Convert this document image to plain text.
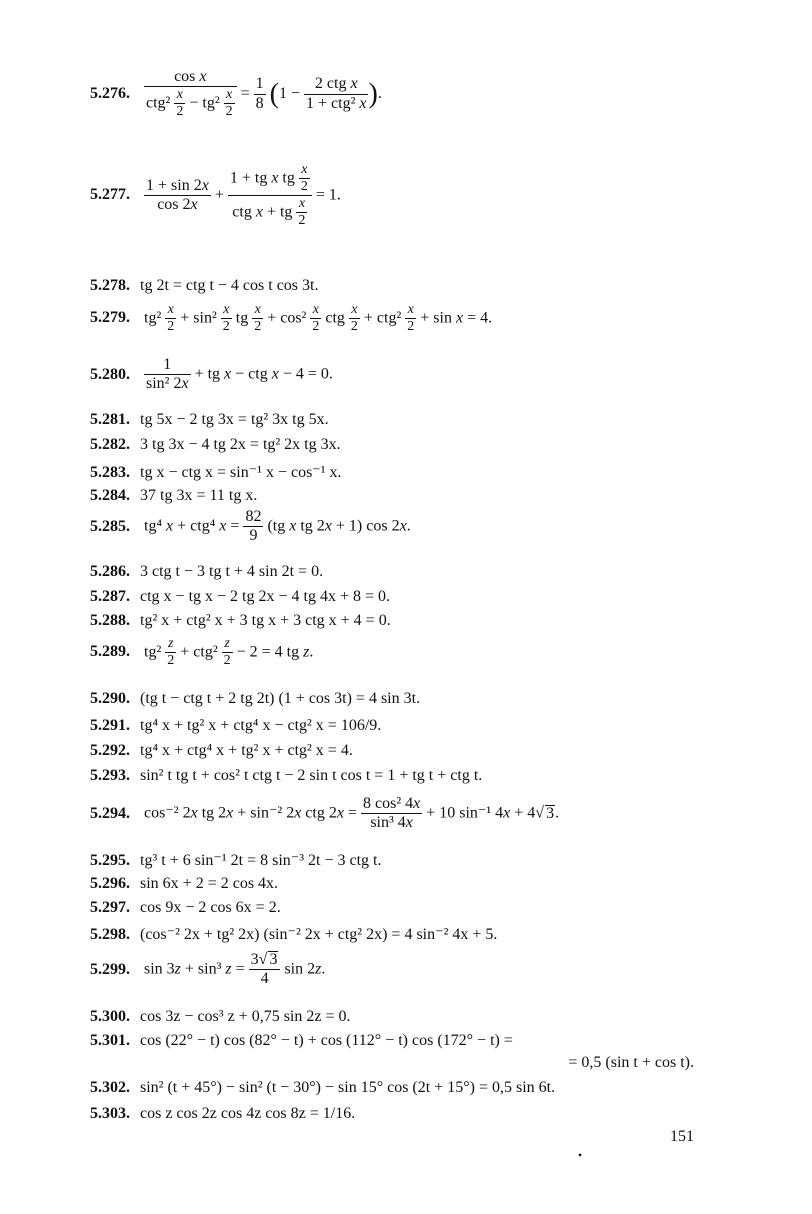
5.276.
cos x
$ctg^2 \frac{x}{2} - tg^2 \frac{x}{2} = \frac{1}{8} (1$ −
2 ctg x
1 + ctg² x ).
5.277. $\frac{1 + \sin 2x}{\cos 2x}$ +
1 + tg x tg $\frac{x}{2}$
ctg x + tg $\frac{x}{2}$
= 1.
5.278. tg 2t = ctg t − 4 cos t cos 3t.
5.279. $tg^2 \frac{x}{2} + \sin^2 \frac{x}{2}$ tg $\frac{x}{2} + \cos^2 \frac{x}{2}$ ctg $\frac{x}{2} + ctg^2 \frac{x}{2} + \sin x = 4$.
5.280. $\frac{1}{\text{sin² 2x}}$ + tg x − ctg x − 4 = 0.
5.281. tg 5x − 2 tg 3x = tg² 3x tg 5x.
5.282. 3 tg 3x − 4 tg 2x = tg² 2x tg 3x.
5.283. tg x − ctg x = sin⁻¹ x − cos⁻¹ x.
5.284. 37 tg 3x = 11 tg x.
5.285. tg⁴ x + ctg⁴ $x = \frac{82}{9} (tg$ x tg 2x + 1) cos 2x.
5.286. 3 ctg t − 3 tg t + 4 sin 2t = 0.
5.287. ctg x − tg x − 2 tg 2x − 4 tg 4x + 8 = 0.
5.288. tg² x + ctg² x + 3 tg x + 3 ctg x + 4 = 0.
5.289. $tg^2 \frac{z}{2} + ctg^2 \frac{z}{2} - 2 = 4$ tg z.
5.290. (tg t − ctg t + 2 tg 2t) (1 + cos 3t) = 4 sin 3t.
5.291. tg⁴ x + tg² x + ctg⁴ x − ctg² x = 106/9.
5.292. tg⁴ x + ctg⁴ x + tg² x + ctg² x = 4.
5.293. sin² t tg t + cos² t ctg t − 2 sin t cos t = 1 + tg t + ctg t.
5.294. cos⁻² 2x tg 2x + sin⁻² 2x ctg $2x = \frac{\text{8 cos² 4x}}{\text{sin³ 4x}} + 10$ sin⁻¹ 4x + 4√ 3.
5.295. tg³ t + 6 sin⁻¹ 2t = 8 sin⁻³ 2t − 3 ctg t.
5.296. sin 6x + 2 = 2 cos 4x.
5.297. cos 9x − 2 cos 6x = 2.
5.298. (cos⁻² 2x + tg² 2x) (sin⁻² 2x + ctg² 2x) = 4 sin⁻² 4x + 5.
5.299. sin 3z + sin³ $z = \frac{3√ 3}{4}$ sin 2z.
5.300. cos 3z − cos³ z + 0,75 sin 2z = 0.
5.301. cos (22° − t) cos (82° − t) + cos (112° − t) cos (172° − t) =
= 0,5 (sin t + cos t).
5.302. sin² (t + 45°) − sin² (t − 30°) − sin 15° cos (2t + 15°) = 0,5 sin 6t.
5.303. cos z cos 2z cos 4z cos 8z = 1/16.
151
•
